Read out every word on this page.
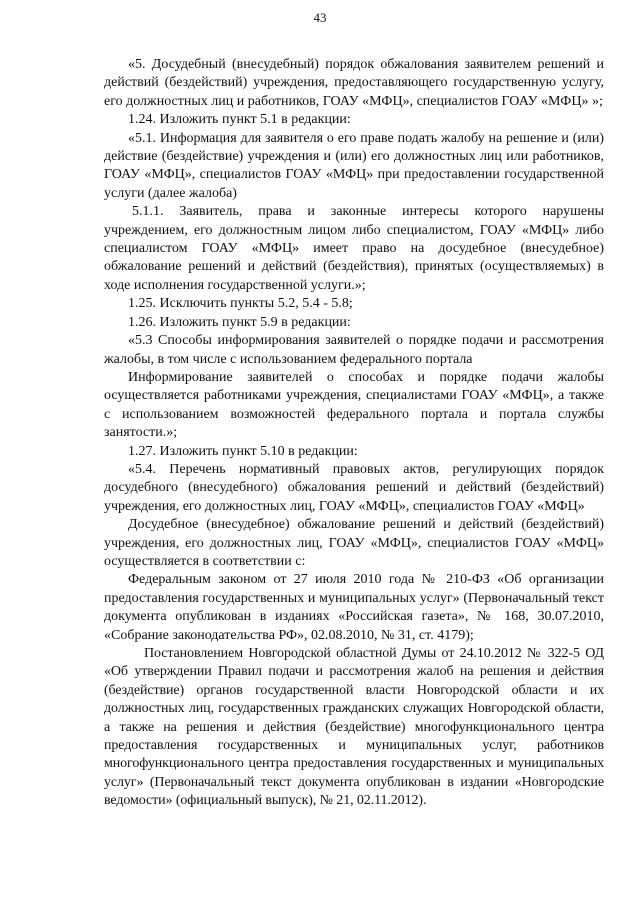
43

«5. Досудебный (внесудебный) порядок обжалования заявителем решений и действий (бездействий) учреждения, предоставляющего государственную услугу, его должностных лиц и работников, ГОАУ «МФЦ», специалистов ГОАУ «МФЦ» »;

1.24. Изложить пункт 5.1 в редакции:

«5.1. Информация для заявителя о его праве подать жалобу на решение и (или) действие (бездействие) учреждения и (или) его должностных лиц или работников, ГОАУ «МФЦ», специалистов ГОАУ «МФЦ» при предоставлении государственной услуги (далее жалоба)

5.1.1. Заявитель, права и законные интересы которого нарушены учреждением, его должностным лицом либо специалистом, ГОАУ «МФЦ» либо специалистом ГОАУ «МФЦ» имеет право на досудебное (внесудебное) обжалование решений и действий (бездействия), принятых (осуществляемых) в ходе исполнения государственной услуги.»;

1.25. Исключить пункты 5.2, 5.4 - 5.8;

1.26. Изложить пункт 5.9 в редакции:

«5.3 Способы информирования заявителей о порядке подачи и рассмотрения жалобы, в том числе с использованием федерального портала

Информирование заявителей о способах и порядке подачи жалобы осуществляется работниками учреждения, специалистами ГОАУ «МФЦ», а также с использованием возможностей федерального портала и портала службы занятости.»;

1.27. Изложить пункт 5.10 в редакции:

«5.4. Перечень нормативный правовых актов, регулирующих порядок досудебного (внесудебного) обжалования решений и действий (бездействий) учреждения, его должностных лиц, ГОАУ «МФЦ», специалистов ГОАУ «МФЦ»

Досудебное (внесудебное) обжалование решений и действий (бездействий) учреждения, его должностных лиц, ГОАУ «МФЦ», специалистов ГОАУ «МФЦ» осуществляется в соответствии с:

Федеральным законом от 27 июля 2010 года № 210-ФЗ «Об организации предоставления государственных и муниципальных услуг» (Первоначальный текст документа опубликован в изданиях «Российская газета», № 168, 30.07.2010, «Собрание законодательства РФ», 02.08.2010, № 31, ст. 4179);

Постановлением Новгородской областной Думы от 24.10.2012 № 322-5 ОД «Об утверждении Правил подачи и рассмотрения жалоб на решения и действия (бездействие) органов государственной власти Новгородской области и их должностных лиц, государственных гражданских служащих Новгородской области, а также на решения и действия (бездействие) многофункционального центра предоставления государственных и муниципальных услуг, работников многофункционального центра предоставления государственных и муниципальных услуг» (Первоначальный текст документа опубликован в издании «Новгородские ведомости» (официальный выпуск), № 21, 02.11.2012).
